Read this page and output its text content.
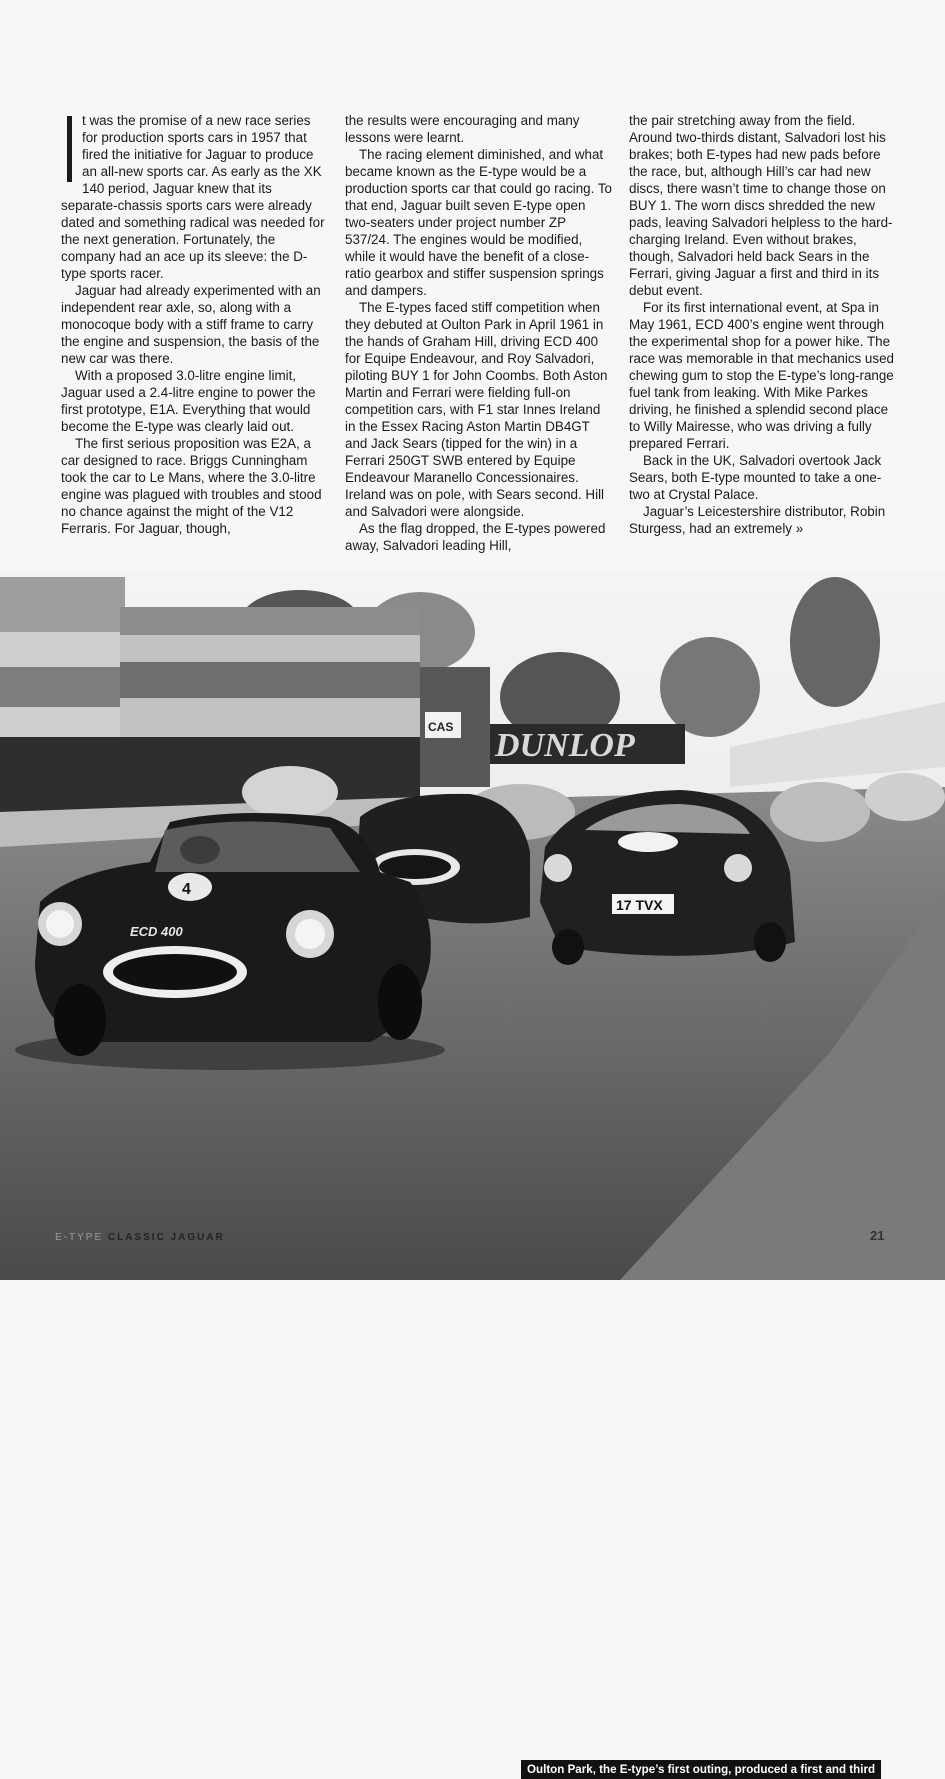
t was the promise of a new race series for production sports cars in 1957 that fired the initiative for Jaguar to produce an all-new sports car. As early as the XK 140 period, Jaguar knew that its separate-chassis sports cars were already dated and something radical was needed for the next generation. Fortunately, the company had an ace up its sleeve: the D-type sports racer.

Jaguar had already experimented with an independent rear axle, so, along with a monocoque body with a stiff frame to carry the engine and suspension, the basis of the new car was there.

With a proposed 3.0-litre engine limit, Jaguar used a 2.4-litre engine to power the first prototype, E1A. Everything that would become the E-type was clearly laid out.

The first serious proposition was E2A, a car designed to race. Briggs Cunningham took the car to Le Mans, where the 3.0-litre engine was plagued with troubles and stood no chance against the might of the V12 Ferraris. For Jaguar, though,

the results were encouraging and many lessons were learnt.

The racing element diminished, and what became known as the E-type would be a production sports car that could go racing. To that end, Jaguar built seven E-type open two-seaters under project number ZP 537/24. The engines would be modified, while it would have the benefit of a close-ratio gearbox and stiffer suspension springs and dampers.

The E-types faced stiff competition when they debuted at Oulton Park in April 1961 in the hands of Graham Hill, driving ECD 400 for Equipe Endeavour, and Roy Salvadori, piloting BUY 1 for John Coombs. Both Aston Martin and Ferrari were fielding full-on competition cars, with F1 star Innes Ireland in the Essex Racing Aston Martin DB4GT and Jack Sears (tipped for the win) in a Ferrari 250GT SWB entered by Equipe Endeavour Maranello Concessionaires. Ireland was on pole, with Sears second. Hill and Salvadori were alongside.

As the flag dropped, the E-types powered away, Salvadori leading Hill,

the pair stretching away from the field. Around two-thirds distant, Salvadori lost his brakes; both E-types had new pads before the race, but, although Hill’s car had new discs, there wasn’t time to change those on BUY 1. The worn discs shredded the new pads, leaving Salvadori helpless to the hard-charging Ireland. Even without brakes, though, Salvadori held back Sears in the Ferrari, giving Jaguar a first and third in its debut event.

For its first international event, at Spa in May 1961, ECD 400’s engine went through the experimental shop for a power hike. The race was memorable in that mechanics used chewing gum to stop the E-type’s long-range fuel tank from leaking. With Mike Parkes driving, he finished a splendid second place to Willy Mairesse, who was driving a fully prepared Ferrari.

Back in the UK, Salvadori overtook Jack Sears, both E-type mounted to take a one-two at Crystal Palace.

Jaguar’s Leicestershire distributor, Robin Sturgess, had an extremely »

CAS DUNLOP
17 TVX
4
ECD 400
Oulton Park, the E-type’s first outing, produced a first and third
E-TYPE CLASSIC JAGUAR	21
